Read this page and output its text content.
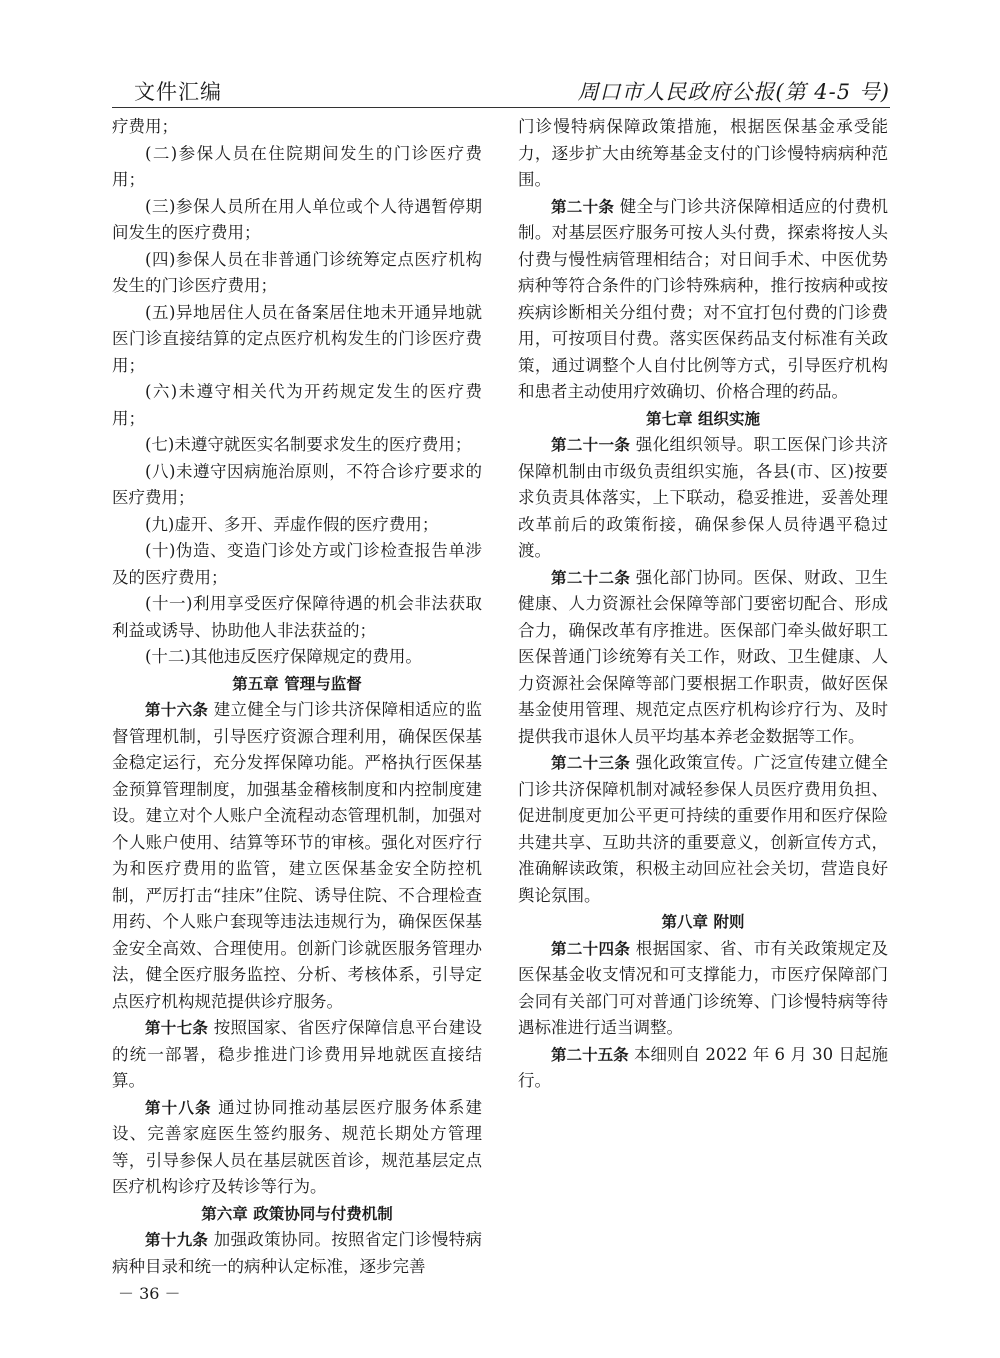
文件汇编	周口市人民政府公报(第 4-5 号)

疗费用；

(二)参保人员在住院期间发生的门诊医疗费用；

(三)参保人员所在用人单位或个人待遇暂停期间发生的医疗费用；

(四)参保人员在非普通门诊统筹定点医疗机构发生的门诊医疗费用；

(五)异地居住人员在备案居住地未开通异地就医门诊直接结算的定点医疗机构发生的门诊医疗费用；

(六)未遵守相关代为开药规定发生的医疗费用；

(七)未遵守就医实名制要求发生的医疗费用；

(八)未遵守因病施治原则，不符合诊疗要求的医疗费用；

(九)虚开、多开、弄虚作假的医疗费用；

(十)伪造、变造门诊处方或门诊检查报告单涉及的医疗费用；

(十一)利用享受医疗保障待遇的机会非法获取利益或诱导、协助他人非法获益的；

(十二)其他违反医疗保障规定的费用。

第五章 管理与监督

第十六条 建立健全与门诊共济保障相适应的监督管理机制，引导医疗资源合理利用，确保医保基金稳定运行，充分发挥保障功能。严格执行医保基金预算管理制度，加强基金稽核制度和内控制度建设。建立对个人账户全流程动态管理机制，加强对个人账户使用、结算等环节的审核。强化对医疗行为和医疗费用的监管，建立医保基金安全防控机制，严厉打击“挂床”住院、诱导住院、不合理检查用药、个人账户套现等违法违规行为，确保医保基金安全高效、合理使用。创新门诊就医服务管理办法，健全医疗服务监控、分析、考核体系，引导定点医疗机构规范提供诊疗服务。

第十七条 按照国家、省医疗保障信息平台建设的统一部署，稳步推进门诊费用异地就医直接结算。

第十八条 通过协同推动基层医疗服务体系建设、完善家庭医生签约服务、规范长期处方管理等，引导参保人员在基层就医首诊，规范基层定点医疗机构诊疗及转诊等行为。

第六章 政策协同与付费机制

第十九条 加强政策协同。按照省定门诊慢特病病种目录和统一的病种认定标准，逐步完善

门诊慢特病保障政策措施，根据医保基金承受能力，逐步扩大由统筹基金支付的门诊慢特病病种范围。

第二十条 健全与门诊共济保障相适应的付费机制。对基层医疗服务可按人头付费，探索将按人头付费与慢性病管理相结合；对日间手术、中医优势病种等符合条件的门诊特殊病种，推行按病种或按疾病诊断相关分组付费；对不宜打包付费的门诊费用，可按项目付费。落实医保药品支付标准有关政策，通过调整个人自付比例等方式，引导医疗机构和患者主动使用疗效确切、价格合理的药品。

第七章 组织实施

第二十一条 强化组织领导。职工医保门诊共济保障机制由市级负责组织实施，各县(市、区)按要求负责具体落实，上下联动，稳妥推进，妥善处理改革前后的政策衔接，确保参保人员待遇平稳过渡。

第二十二条 强化部门协同。医保、财政、卫生健康、人力资源社会保障等部门要密切配合、形成合力，确保改革有序推进。医保部门牵头做好职工医保普通门诊统筹有关工作，财政、卫生健康、人力资源社会保障等部门要根据工作职责，做好医保基金使用管理、规范定点医疗机构诊疗行为、及时提供我市退休人员平均基本养老金数据等工作。

第二十三条 强化政策宣传。广泛宣传建立健全门诊共济保障机制对减轻参保人员医疗费用负担、促进制度更加公平更可持续的重要作用和医疗保险共建共享、互助共济的重要意义，创新宣传方式，准确解读政策，积极主动回应社会关切，营造良好舆论氛围。

第八章 附则

第二十四条 根据国家、省、市有关政策规定及医保基金收支情况和可支撑能力，市医疗保障部门会同有关部门可对普通门诊统筹、门诊慢特病等待遇标准进行适当调整。

第二十五条 本细则自 2022 年 6 月 30 日起施行。

－ 36 －
